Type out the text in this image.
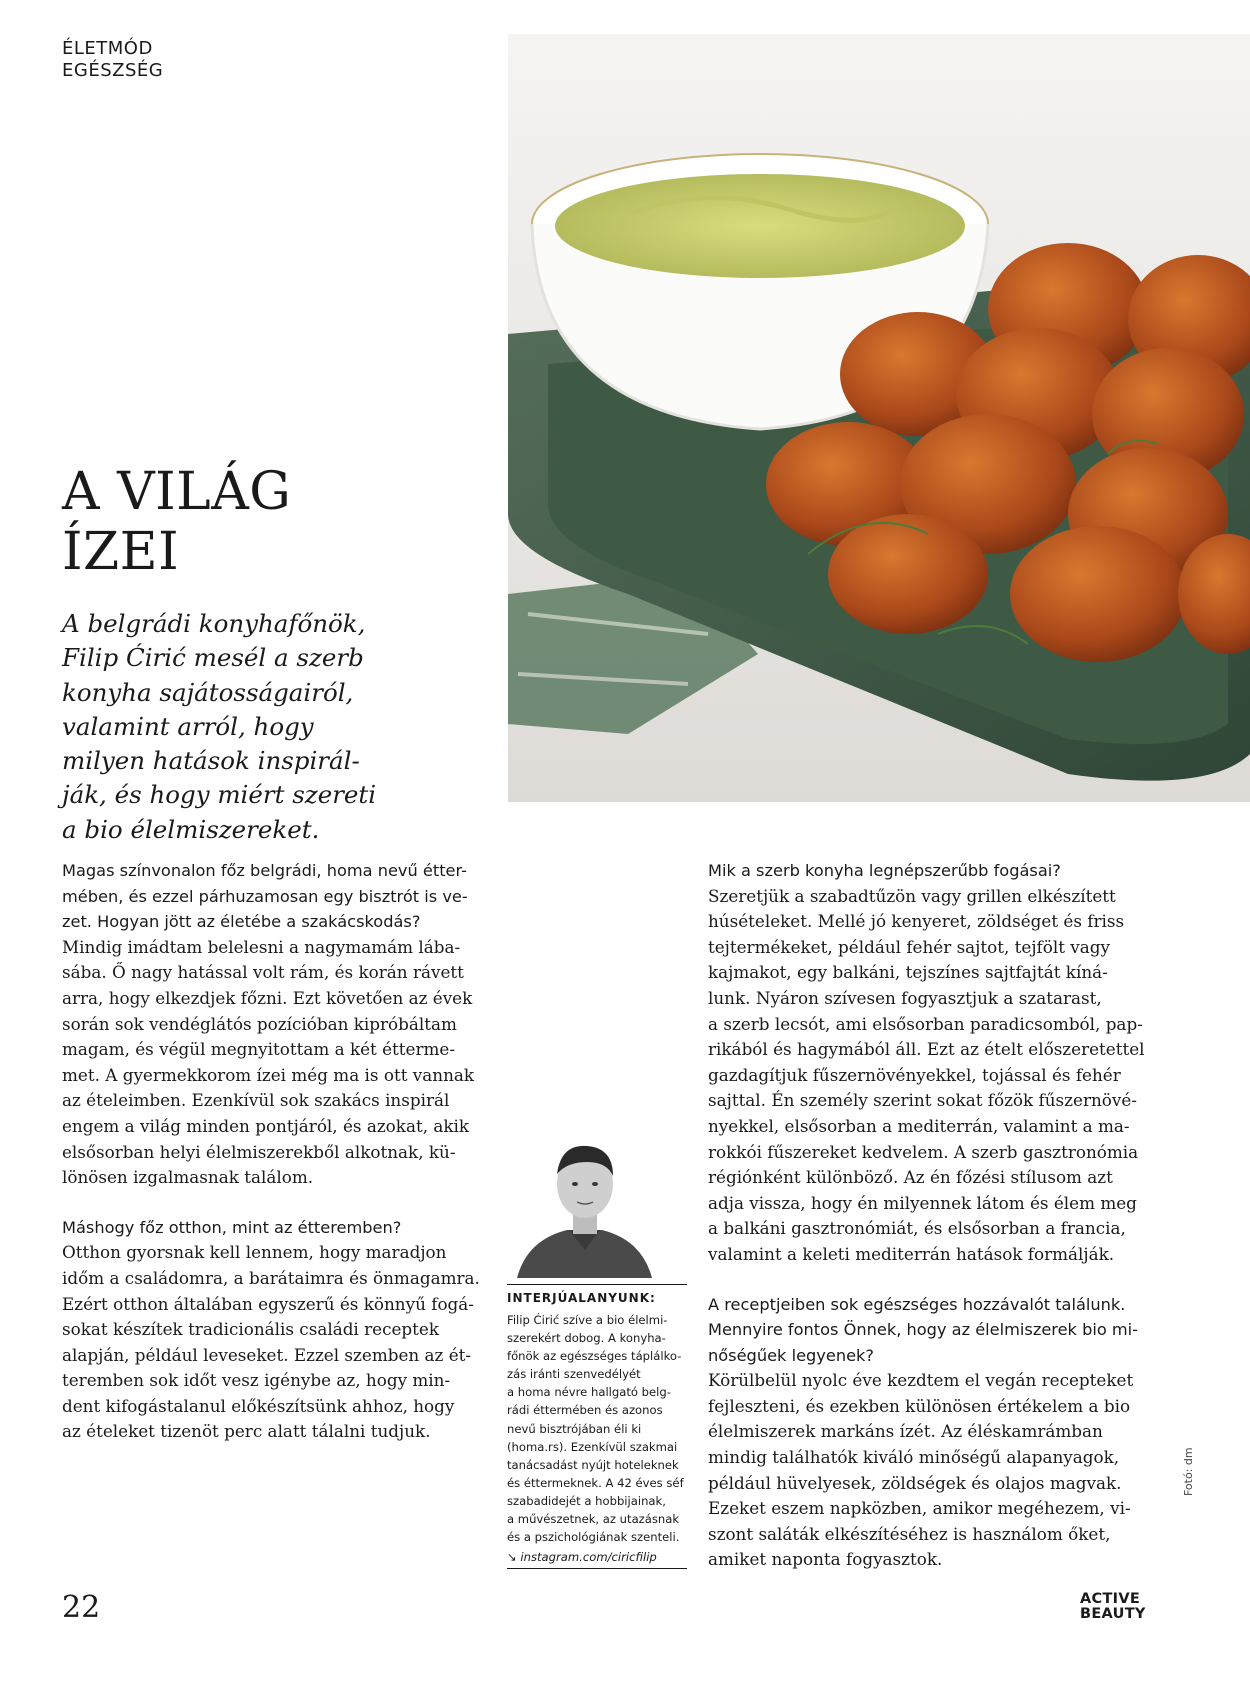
ÉLETMÓD
EGÉSZSÉG
A VILÁG
ÍZEI
A belgrádi konyhafőnök,
Filip Ćirić mesél a szerb
konyha sajátosságairól,
valamint arról, hogy
milyen hatások inspirál-
ják, és hogy miért szereti
a bio élelmiszereket.
Magas színvonalon főz belgrádi, homa nevű étter-
mében, és ezzel párhuzamosan egy bisztrót is ve-
zet. Hogyan jött az életébe a szakácskodás?
Mindig imádtam belelesni a nagymamám lába-
sába. Ő nagy hatással volt rám, és korán rávett
arra, hogy elkezdjek főzni. Ezt követően az évek
során sok vendéglátós pozícióban kipróbáltam
magam, és végül megnyitottam a két étterme-
met. A gyermekkorom ízei még ma is ott vannak
az ételeimben. Ezenkívül sok szakács inspirál
engem a világ minden pontjáról, és azokat, akik
elsősorban helyi élelmiszerekből alkotnak, kü-
lönösen izgalmasnak találom.
Máshogy főz otthon, mint az étteremben?
Otthon gyorsnak kell lennem, hogy maradjon
időm a családomra, a barátaimra és önmagamra.
Ezért otthon általában egyszerű és könnyű fogá-
sokat készítek tradicionális családi receptek
alapján, például leveseket. Ezzel szemben az ét-
teremben sok időt vesz igénybe az, hogy min-
dent kifogástalanul előkészítsünk ahhoz, hogy
az ételeket tizenöt perc alatt tálalni tudjuk.
INTERJÚALANYUNK:
Filip Ćirić szíve a bio élelmi-
szerekért dobog. A konyha-
főnök az egészséges táplálko-
zás iránti szenvedélyét
a homa névre hallgató belg-
rádi éttermében és azonos
nevű bisztrójában éli ki
(homa.rs). Ezenkívül szakmai
tanácsadást nyújt hoteleknek
és éttermeknek. A 42 éves séf
szabadidejét a hobbijainak,
a művészetnek, az utazásnak
és a pszichológiának szenteli.
↘ instagram.com/ciricfilip
Mik a szerb konyha legnépszerűbb fogásai?
Szeretjük a szabadtűzön vagy grillen elkészített
húsételeket. Mellé jó kenyeret, zöldséget és friss
tejtermékeket, például fehér sajtot, tejfölt vagy
kajmakot, egy balkáni, tejszínes sajtfajtát kíná-
lunk. Nyáron szívesen fogyasztjuk a szatarast,
a szerb lecsót, ami elsősorban paradicsomból, pap-
rikából és hagymából áll. Ezt az ételt előszeretettel
gazdagítjuk fűszernövényekkel, tojással és fehér
sajttal. Én személy szerint sokat főzök fűszernövé-
nyekkel, elsősorban a mediterrán, valamint a ma-
rokkói fűszereket kedvelem. A szerb gasztronómia
régiónként különböző. Az én főzési stílusom azt
adja vissza, hogy én milyennek látom és élem meg
a balkáni gasztronómiát, és elsősorban a francia,
valamint a keleti mediterrán hatások formálják.
A receptjeiben sok egészséges hozzávalót találunk.
Mennyire fontos Önnek, hogy az élelmiszerek bio mi-
nőségűek legyenek?
Körülbelül nyolc éve kezdtem el vegán recepteket
fejleszteni, és ezekben különösen értékelem a bio
élelmiszerek markáns ízét. Az éléskamrámban
mindig találhatók kiváló minőségű alapanyagok,
például hüvelyesek, zöldségek és olajos magvak.
Ezeket eszem napközben, amikor megéhezem, vi-
szont saláták elkészítéséhez is használom őket,
amiket naponta fogyasztok.
Fotó: dm
22	ACTIVE
BEAUTY
